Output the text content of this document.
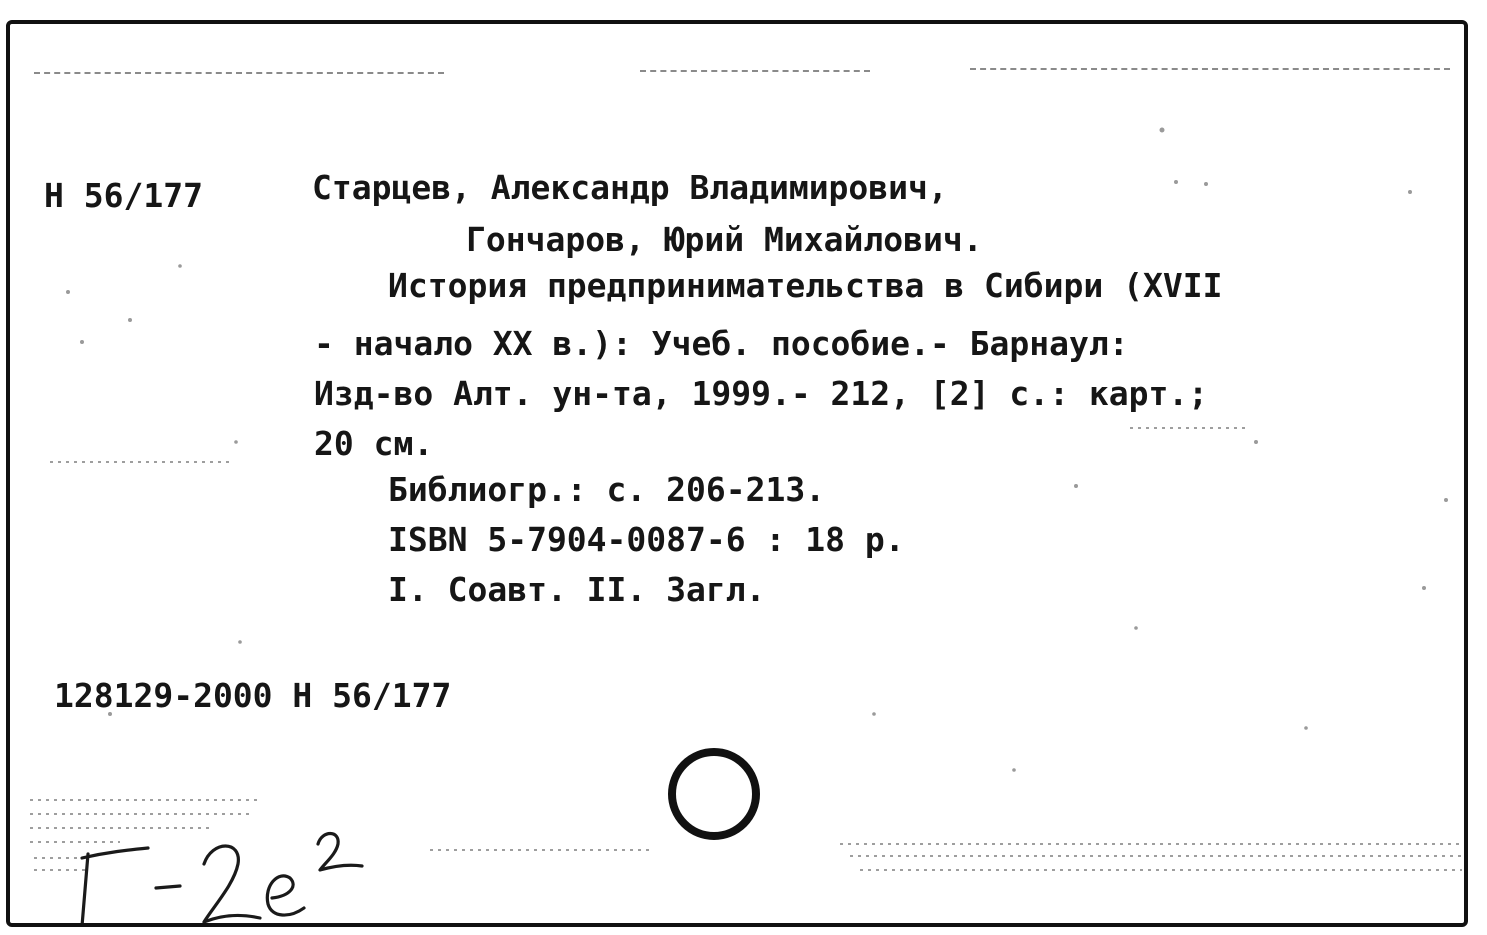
Н 56/177	Старцев, Александр Владимирович,
Гончаров, Юрий Михайлович.
История предпринимательства в Сибири (XVII
- начало XX в.): Учеб. пособие.- Барнаул:
Изд-во Алт. ун-та, 1999.- 212, [2] с.: карт.;
20 см.
Библиогр.: с. 206-213.
ISBN 5-7904-0087-6 : 18 р.
I. Соавт. II. Загл.
128129-2000 Н 56/177
